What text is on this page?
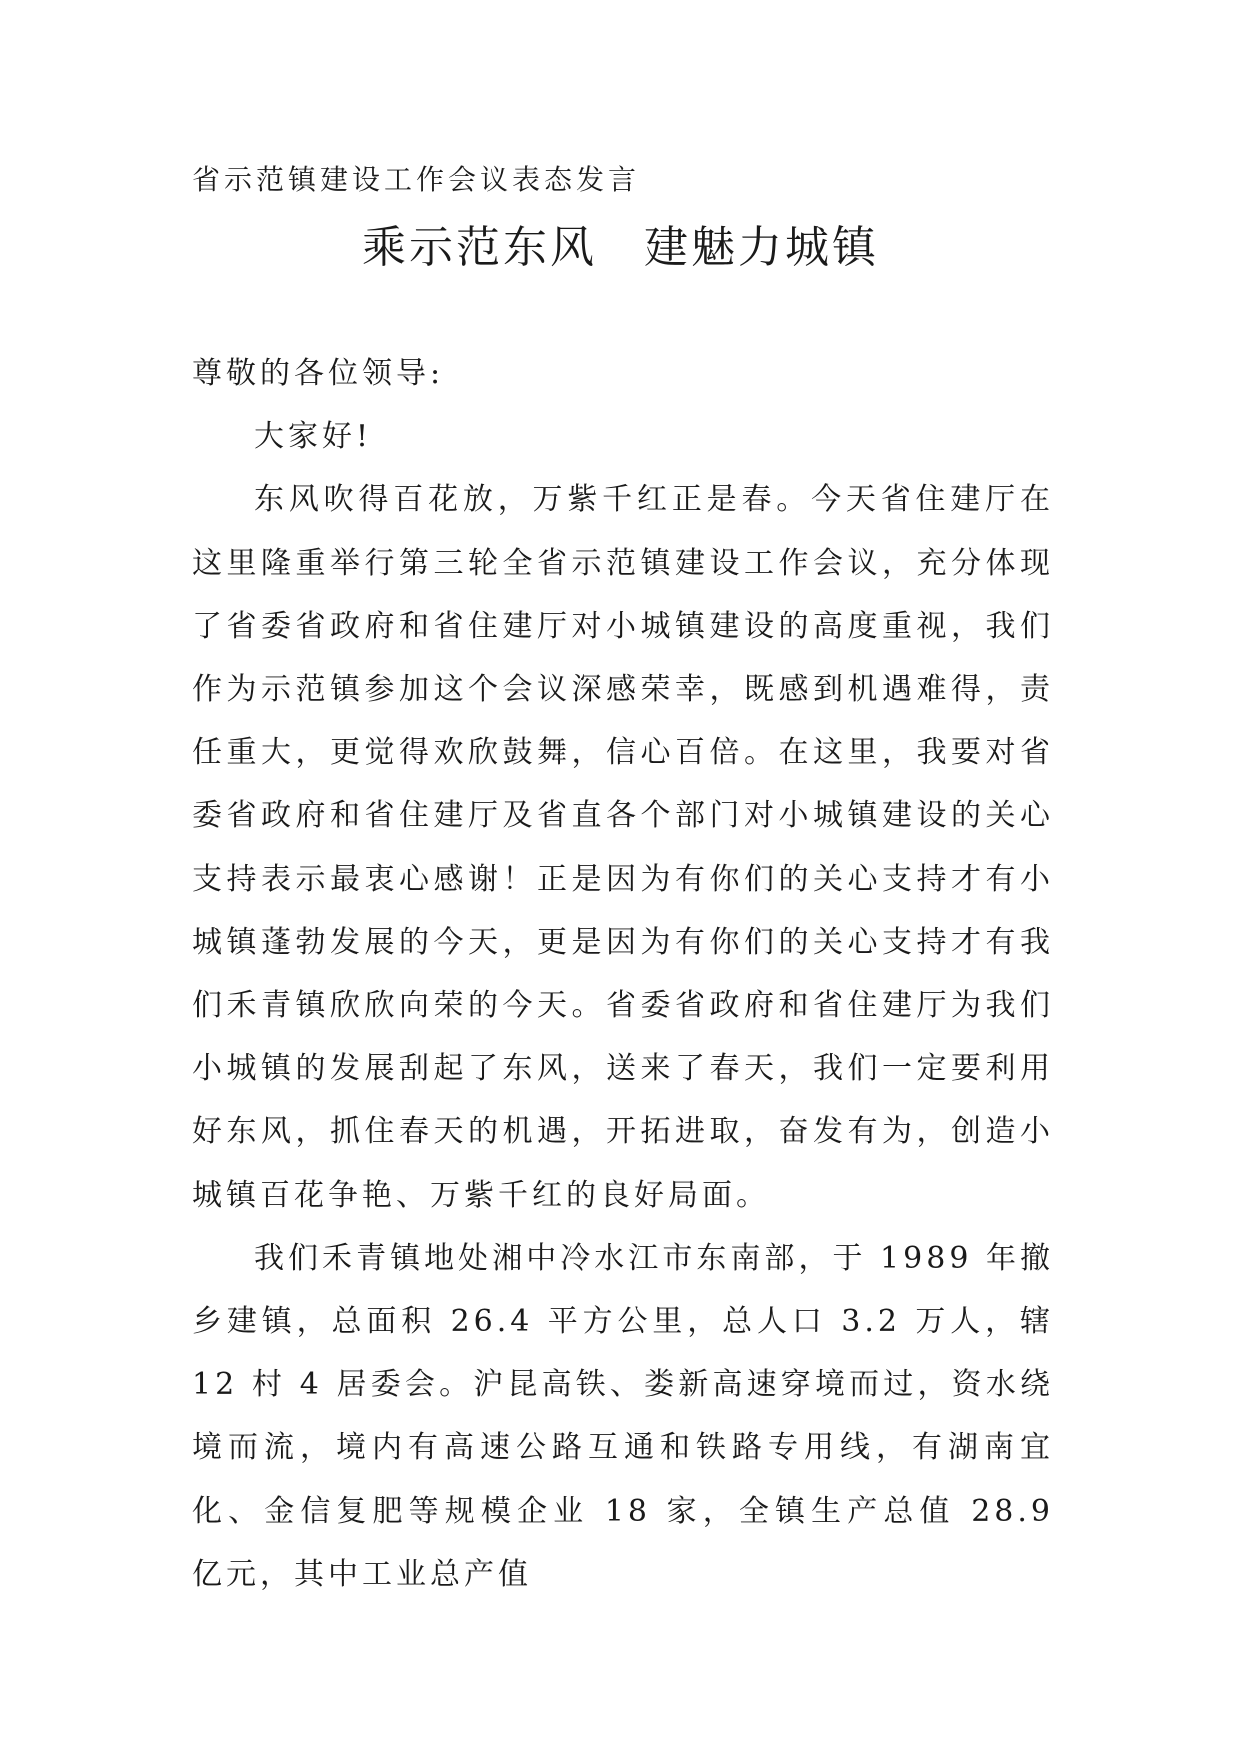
省示范镇建设工作会议表态发言
乘示范东风　建魅力城镇

尊敬的各位领导:

大家好!

东风吹得百花放，万紫千红正是春。今天省住建厅在这里隆重举行第三轮全省示范镇建设工作会议，充分体现了省委省政府和省住建厅对小城镇建设的高度重视，我们作为示范镇参加这个会议深感荣幸，既感到机遇难得，责任重大，更觉得欢欣鼓舞，信心百倍。在这里，我要对省委省政府和省住建厅及省直各个部门对小城镇建设的关心支持表示最衷心感谢！正是因为有你们的关心支持才有小城镇蓬勃发展的今天，更是因为有你们的关心支持才有我们禾青镇欣欣向荣的今天。省委省政府和省住建厅为我们小城镇的发展刮起了东风，送来了春天，我们一定要利用好东风，抓住春天的机遇，开拓进取，奋发有为，创造小城镇百花争艳、万紫千红的良好局面。

我们禾青镇地处湘中冷水江市东南部，于 1989 年撤乡建镇，总面积 26.4 平方公里，总人口 3.2 万人，辖 12 村 4 居委会。沪昆高铁、娄新高速穿境而过，资水绕境而流，境内有高速公路互通和铁路专用线，有湖南宜化、金信复肥等规模企业 18 家，全镇生产总值 28.9 亿元，其中工业总产值
